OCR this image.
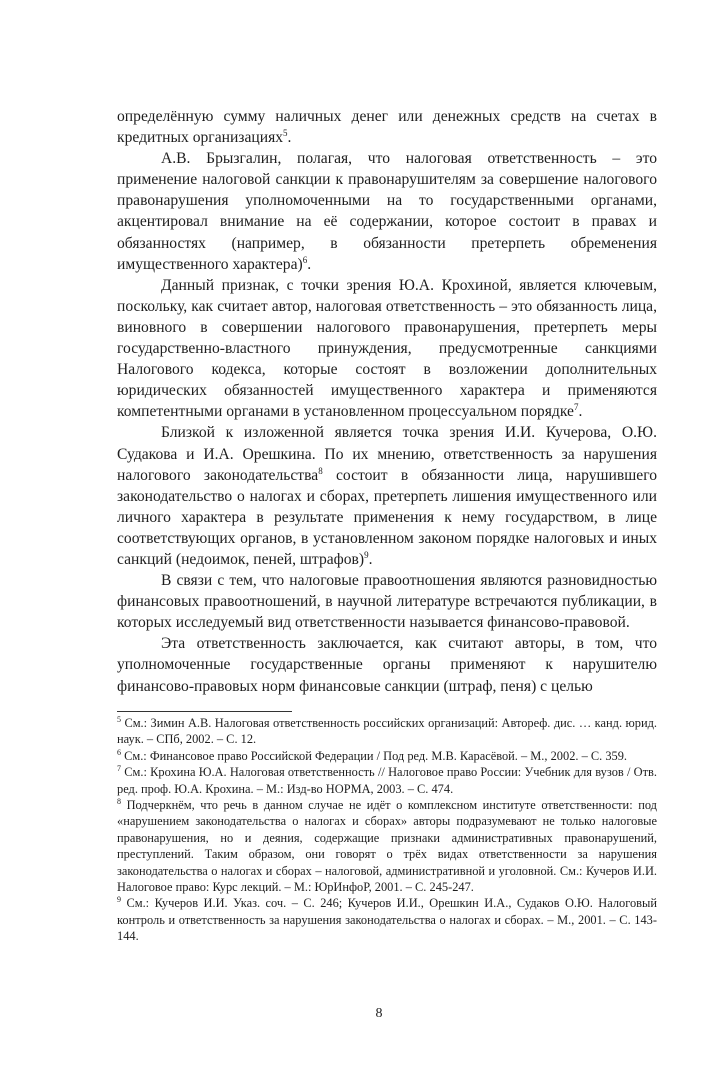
определённую сумму наличных денег или денежных средств на счетах в кредитных организациях$^5$.

А.В. Брызгалин, полагая, что налоговая ответственность – это применение налоговой санкции к правонарушителям за совершение налогового правонарушения уполномоченными на то государственными органами, акцентировал внимание на её содержании, которое состоит в правах и обязанностях (например, в обязанности претерпеть обременения имущественного характера)$^6$.

Данный признак, с точки зрения Ю.А. Крохиной, является ключевым, поскольку, как считает автор, налоговая ответственность – это обязанность лица, виновного в совершении налогового правонарушения, претерпеть меры государственно-властного принуждения, предусмотренные санкциями Налогового кодекса, которые состоят в возложении дополнительных юридических обязанностей имущественного характера и применяются компетентными органами в установленном процессуальном порядке$^7$.

Близкой к изложенной является точка зрения И.И. Кучерова, О.Ю. Судакова и И.А. Орешкина. По их мнению, ответственность за нарушения налогового законодательства$^8$ состоит в обязанности лица, нарушившего законодательство о налогах и сборах, претерпеть лишения имущественного или личного характера в результате применения к нему государством, в лице соответствующих органов, в установленном законом порядке налоговых и иных санкций (недоимок, пеней, штрафов)$^9$.

В связи с тем, что налоговые правоотношения являются разновидностью финансовых правоотношений, в научной литературе встречаются публикации, в которых исследуемый вид ответственности называется финансово-правовой.

Эта ответственность заключается, как считают авторы, в том, что уполномоченные государственные органы применяют к нарушителю финансово-правовых норм финансовые санкции (штраф, пеня) с целью

$^5$ См.: Зимин А.В. Налоговая ответственность российских организаций: Автореф. дис. … канд. юрид. наук. – СПб, 2002. – С. 12.

$^6$ См.: Финансовое право Российской Федерации / Под ред. М.В. Карасёвой. – М., 2002. – С. 359.

$^7$ См.: Крохина Ю.А. Налоговая ответственность // Налоговое право России: Учебник для вузов / Отв. ред. проф. Ю.А. Крохина. – М.: Изд-во НОРМА, 2003. – С. 474.

$^8$ Подчеркнём, что речь в данном случае не идёт о комплексном институте ответственности: под «нарушением законодательства о налогах и сборах» авторы подразумевают не только налоговые правонарушения, но и деяния, содержащие признаки административных правонарушений, преступлений. Таким образом, они говорят о трёх видах ответственности за нарушения законодательства о налогах и сборах – налоговой, административной и уголовной. См.: Кучеров И.И. Налоговое право: Курс лекций. – М.: ЮрИнфоР, 2001. – С. 245-247.

$^9$ См.: Кучеров И.И. Указ. соч. – С. 246; Кучеров И.И., Орешкин И.А., Судаков О.Ю. Налоговый контроль и ответственность за нарушения законодательства о налогах и сборах. – М., 2001. – С. 143-144.

8
